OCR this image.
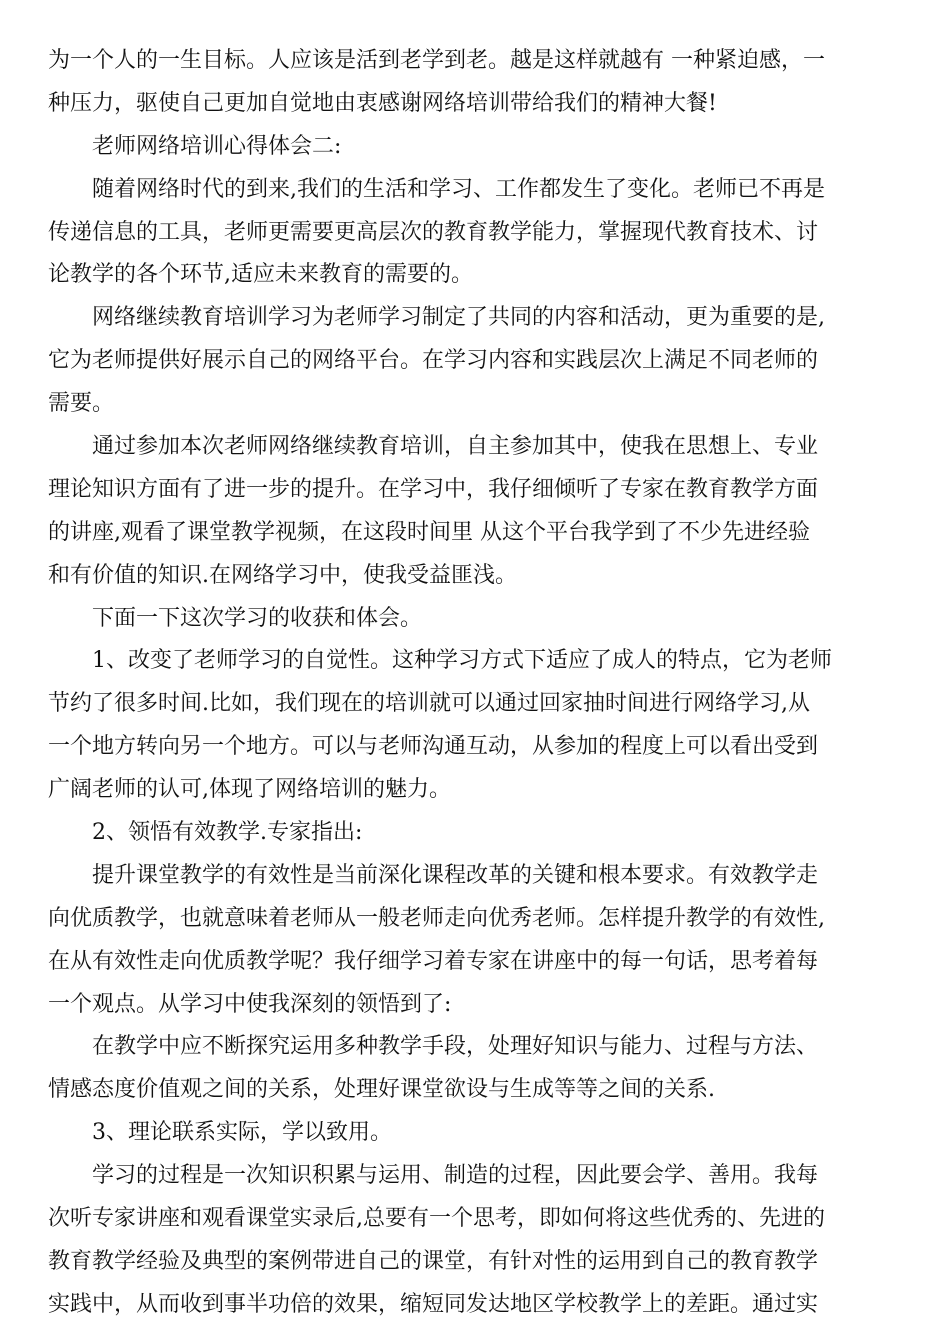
为一个人的一生目标。人应该是活到老学到老。越是这样就越有 一种紧迫感，一
种压力，驱使自己更加自觉地由衷感谢网络培训带给我们的精神大餐!
老师网络培训心得体会二:
随着网络时代的到来,我们的生活和学习、工作都发生了变化。老师已不再是
传递信息的工具，老师更需要更高层次的教育教学能力，掌握现代教育技术、讨
论教学的各个环节,适应未来教育的需要的。
网络继续教育培训学习为老师学习制定了共同的内容和活动，更为重要的是,
它为老师提供好展示自己的网络平台。在学习内容和实践层次上满足不同老师的
需要。
通过参加本次老师网络继续教育培训，自主参加其中，使我在思想上、专业
理论知识方面有了进一步的提升。在学习中，我仔细倾听了专家在教育教学方面
的讲座,观看了课堂教学视频，在这段时间里 从这个平台我学到了不少先进经验
和有价值的知识.在网络学习中，使我受益匪浅。
下面一下这次学习的收获和体会。
1、改变了老师学习的自觉性。这种学习方式下适应了成人的特点，它为老师
节约了很多时间.比如，我们现在的培训就可以通过回家抽时间进行网络学习,从
一个地方转向另一个地方。可以与老师沟通互动，从参加的程度上可以看出受到
广阔老师的认可,体现了网络培训的魅力。
2、领悟有效教学.专家指出:
提升课堂教学的有效性是当前深化课程改革的关键和根本要求。有效教学走
向优质教学，也就意味着老师从一般老师走向优秀老师。怎样提升教学的有效性,
在从有效性走向优质教学呢？我仔细学习着专家在讲座中的每一句话，思考着每
一个观点。从学习中使我深刻的领悟到了:
在教学中应不断探究运用多种教学手段，处理好知识与能力、过程与方法、
情感态度价值观之间的关系，处理好课堂欲设与生成等等之间的关系.
3、理论联系实际，学以致用。
学习的过程是一次知识积累与运用、制造的过程，因此要会学、善用。我每
次听专家讲座和观看课堂实录后,总要有一个思考，即如何将这些优秀的、先进的
教育教学经验及典型的案例带进自己的课堂，有针对性的运用到自己的教育教学
实践中，从而收到事半功倍的效果，缩短同发达地区学校教学上的差距。通过实
